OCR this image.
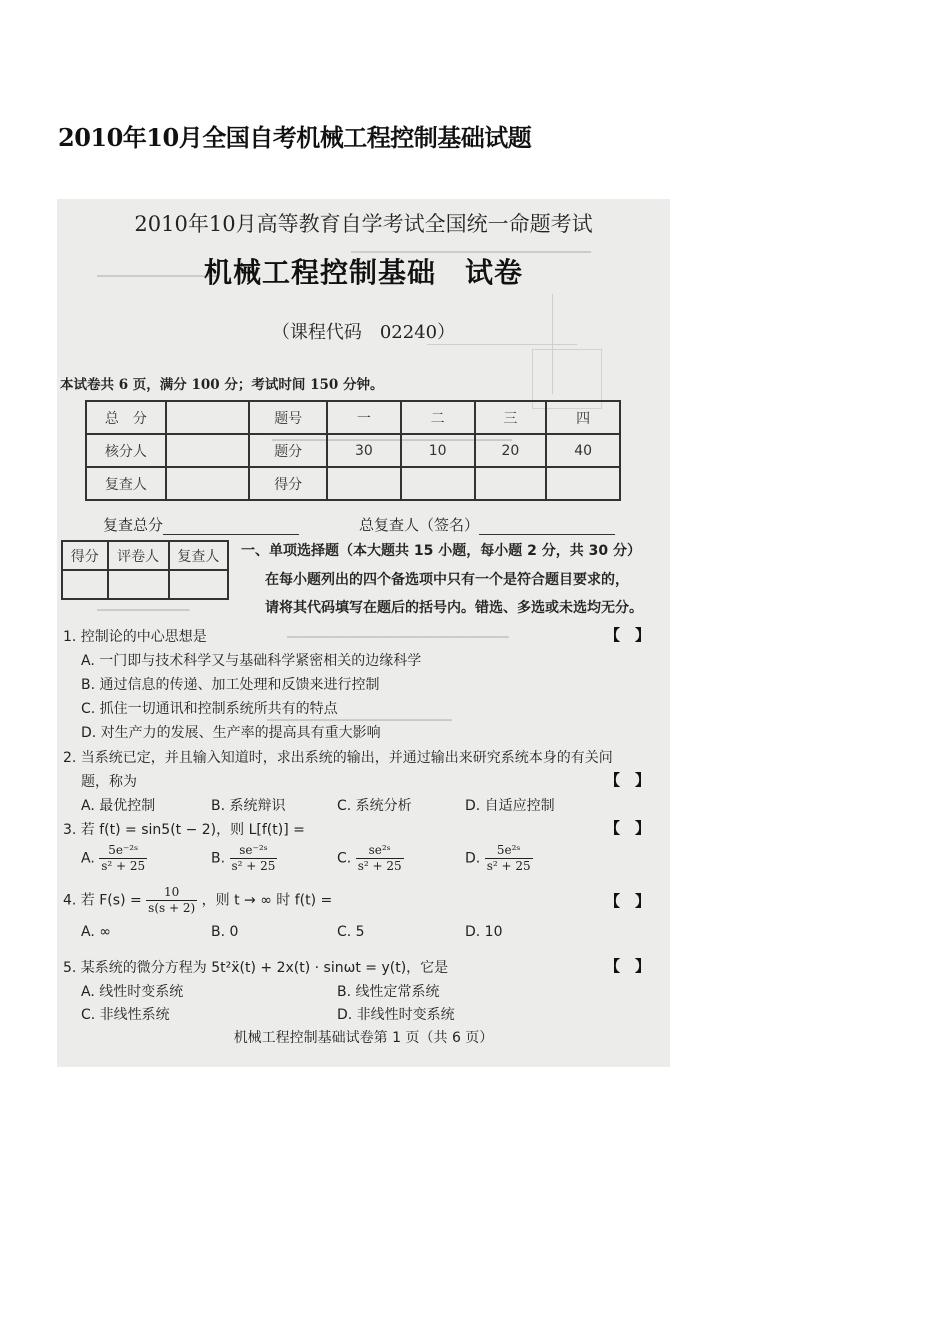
2010年10月全国自考机械工程控制基础试题
▁▁▁▁▁▁▁▁▁▁▁▁▁▁▁▁▁▁▁▁▁▁▁▁▁▁
▁▁▁▁▁▁▁▁▁▁▁▁▁
▁▁▁▁▁▁▁▁▁▁▁▁▁▁▁▁▁▁▁▁▁▁▁▁▁▁
▁▁▁▁▁▁▁▁▁▁
▁▁▁▁▁▁▁▁▁▁▁▁▁▁▁▁▁▁▁▁▁▁▁▁
▁▁▁▁▁▁▁▁▁▁▁▁▁▁▁▁▁▁▁▁
2010年10月高等教育自学考试全国统一命题考试
机械工程控制基础　试卷
（课程代码　02240）
本试卷共 6 页，满分 100 分；考试时间 150 分钟。
总　分		题号	一	二	三	四
核分人		题分	30	10	20	40
复查人		得分				
复查总分	总复查人（签名）
得分	评卷人	复查人
		一、单项选择题（本大题共 15 小题，每小题 2 分，共 30 分）
在每小题列出的四个备选项中只有一个是符合题目要求的，
请将其代码填写在题后的括号内。错选、多选或未选均无分。
1. 控制论的中心思想是	【　】
A. 一门即与技术科学又与基础科学紧密相关的边缘科学
B. 通过信息的传递、加工处理和反馈来进行控制
C. 抓住一切通讯和控制系统所共有的特点
D. 对生产力的发展、生产率的提高具有重大影响
2. 当系统已定，并且输入知道时，求出系统的输出，并通过输出来研究系统本身的有关问
题，称为	【　】
A. 最优控制	B. 系统辩识	C. 系统分析	D. 自适应控制
3. 若 f(t) = sin5(t − 2)，则 L[f(t)] =	【　】
A. $\frac{\text{5e⁻²ˢ}}{\text{s² + 25}}$	B. $\frac{\text{se⁻²ˢ}}{\text{s² + 25}}$	C. $\frac{\text{se²ˢ}}{\text{s² + 25}}$	D. $\frac{\text{5e²ˢ}}{\text{s² + 25}}$
4. 若 $F(s) = \frac{10}{s(s + 2)}$ ，则 t → ∞ 时 f(t) =	【　】
A. ∞	B. 0	C. 5	D. 10
5. 某系统的微分方程为 5t²ẍ(t) + 2x(t) · sinωt = y(t)，它是	【　】
A. 线性时变系统	B. 线性定常系统
C. 非线性系统	D. 非线性时变系统
机械工程控制基础试卷第 1 页（共 6 页）
